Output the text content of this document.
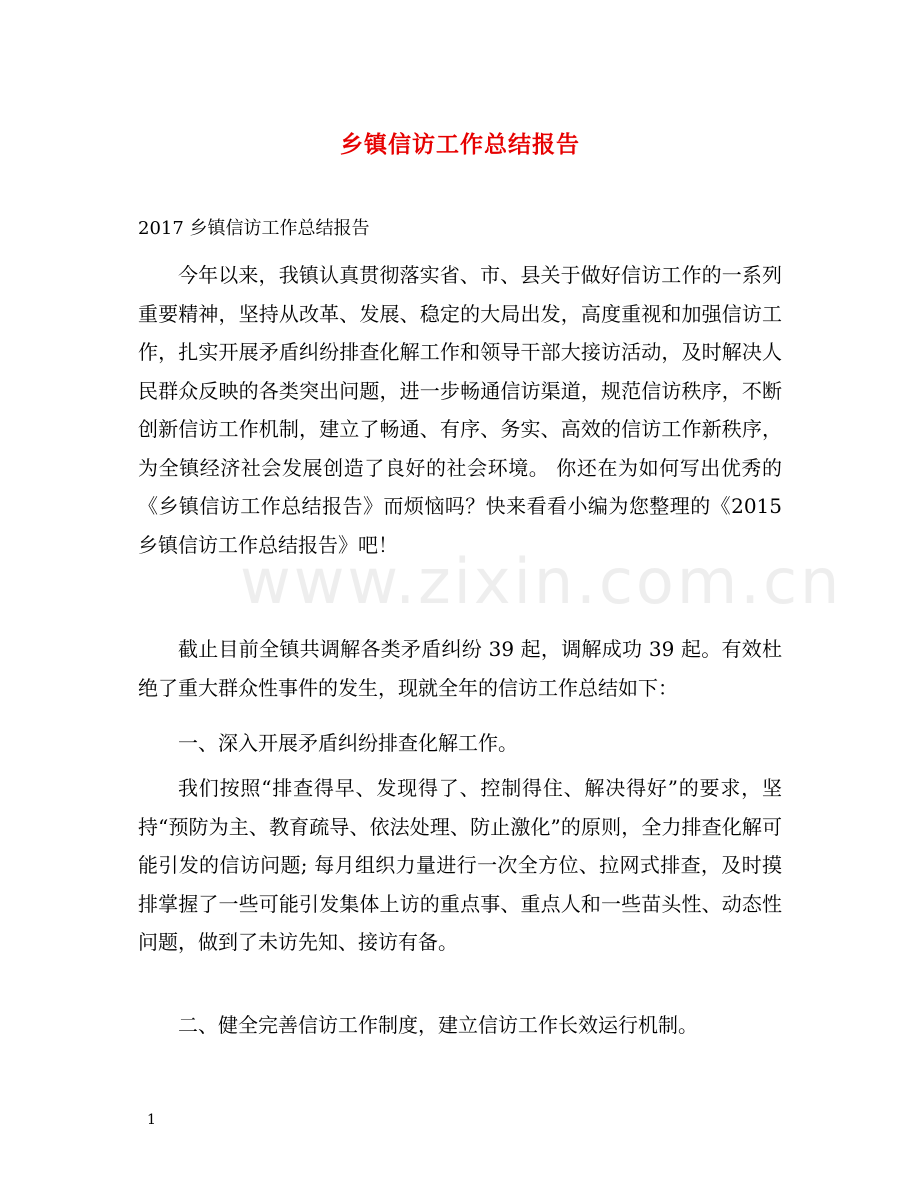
乡镇信访工作总结报告
2017 乡镇信访工作总结报告

今年以来，我镇认真贯彻落实省、市、县关于做好信访工作的一系列重要精神，坚持从改革、发展、稳定的大局出发，高度重视和加强信访工作，扎实开展矛盾纠纷排查化解工作和领导干部大接访活动，及时解决人民群众反映的各类突出问题，进一步畅通信访渠道，规范信访秩序，不断创新信访工作机制，建立了畅通、有序、务实、高效的信访工作新秩序，为全镇经济社会发展创造了良好的社会环境。 你还在为如何写出优秀的《乡镇信访工作总结报告》而烦恼吗？快来看看小编为您整理的《2015 乡镇信访工作总结报告》吧！

截止目前全镇共调解各类矛盾纠纷 39 起，调解成功 39 起。有效杜绝了重大群众性事件的发生，现就全年的信访工作总结如下：

一、深入开展矛盾纠纷排查化解工作。

我们按照“排查得早、发现得了、控制得住、解决得好”的要求，坚持“预防为主、教育疏导、依法处理、防止激化”的原则，全力排查化解可能引发的信访问题; 每月组织力量进行一次全方位、拉网式排查，及时摸排掌握了一些可能引发集体上访的重点事、重点人和一些苗头性、动态性问题，做到了未访先知、接访有备。

二、健全完善信访工作制度，建立信访工作长效运行机制。

www.zixin.com.cn
1
